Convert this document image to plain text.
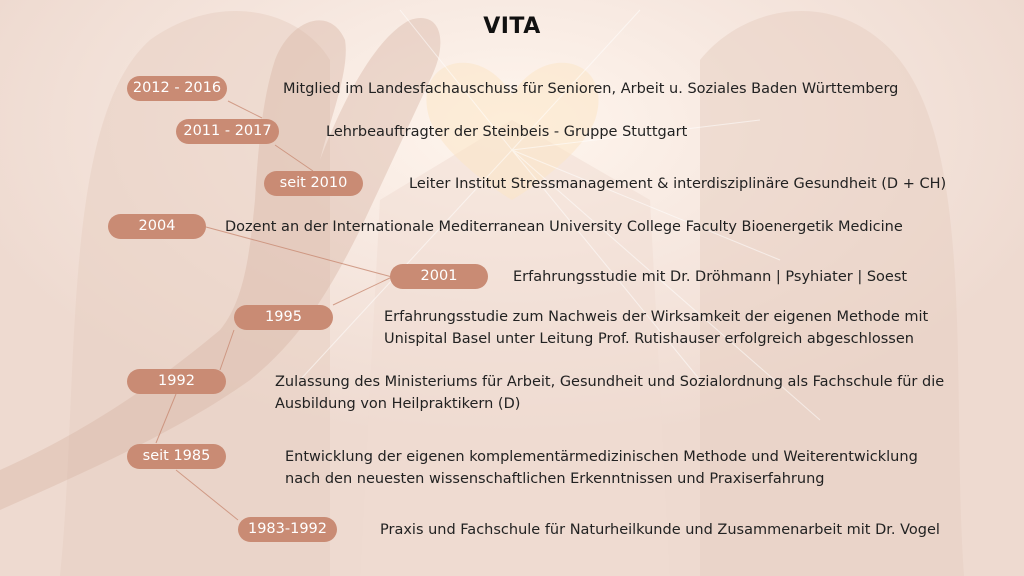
VITA
2012 - 2016	Mitglied im Landesfachauschuss für Senioren, Arbeit u. Soziales Baden Württemberg
2011 - 2017	Lehrbeauftragter der Steinbeis - Gruppe Stuttgart
seit 2010	Leiter Institut Stressmanagement & interdisziplinäre Gesundheit (D + CH)
2004	Dozent an der Internationale Mediterranean University College Faculty Bioenergetik Medicine
2001	Erfahrungsstudie mit Dr. Dröhmann | Psyhiater | Soest
1995	Erfahrungsstudie zum Nachweis der Wirksamkeit der eigenen Methode mit
Unispital Basel unter Leitung Prof. Rutishauser erfolgreich abgeschlossen
1992	Zulassung des Ministeriums für Arbeit, Gesundheit und Sozialordnung als Fachschule für die
Ausbildung von Heilpraktikern (D)
seit 1985	Entwicklung der eigenen komplementärmedizinischen Methode und Weiterentwicklung
nach den neuesten wissenschaftlichen Erkenntnissen und Praxiserfahrung
1983-1992	Praxis und Fachschule für Naturheilkunde und Zusammenarbeit mit Dr. Vogel
